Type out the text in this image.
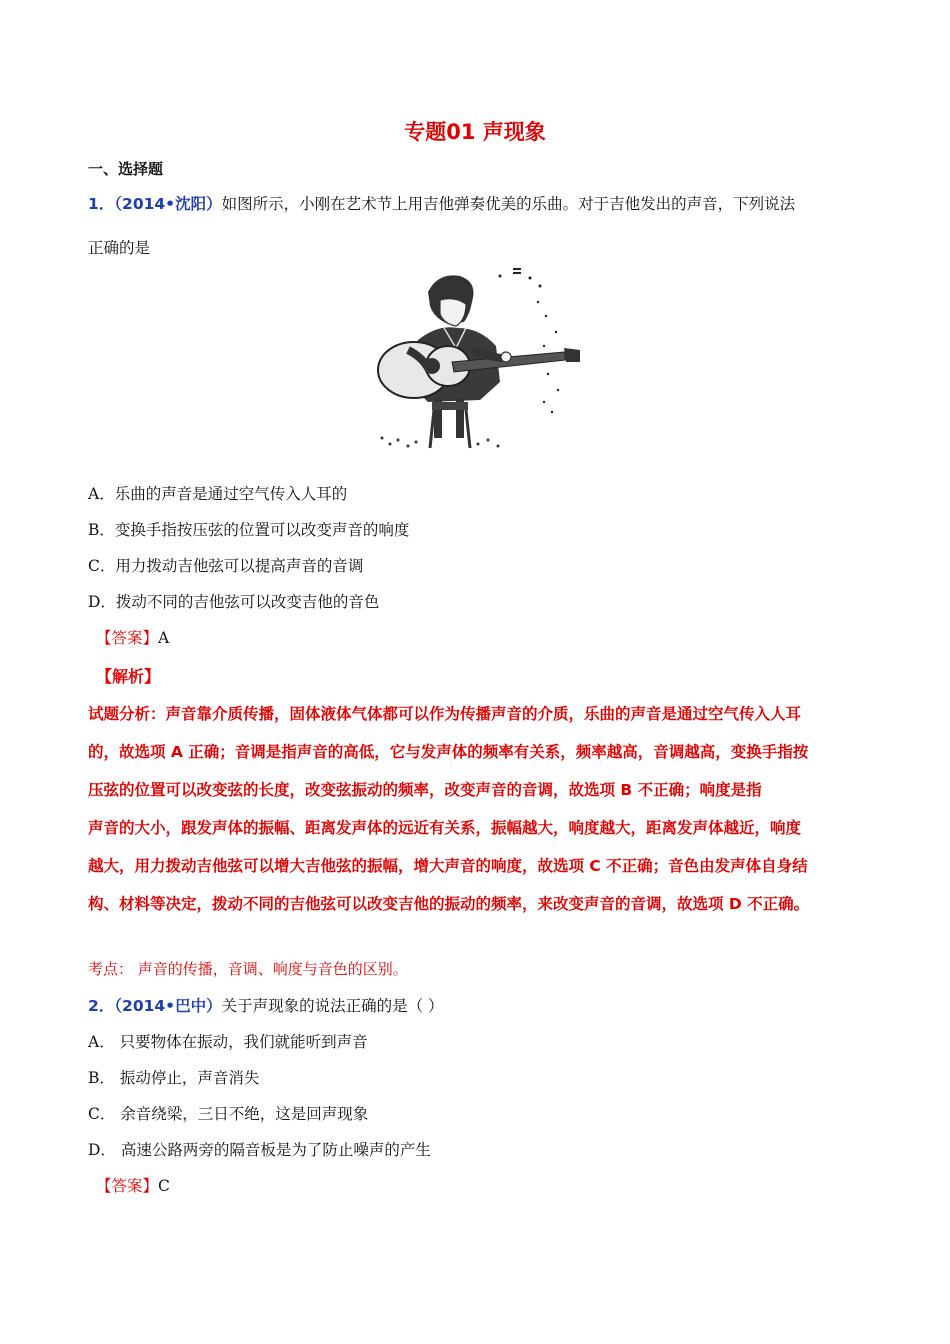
专题01 声现象
一、选择题
1．（2014•沈阳）如图所示，小刚在艺术节上用吉他弹奏优美的乐曲。对于吉他发出的声音，下列说法
正确的是
A．乐曲的声音是通过空气传入人耳的
B．变换手指按压弦的位置可以改变声音的响度
C．用力拨动吉他弦可以提高声音的音调
D．拨动不同的吉他弦可以改变吉他的音色
【答案】A
【解析】
试题分析：声音靠介质传播，固体液体气体都可以作为传播声音的介质，乐曲的声音是通过空气传入人耳
的，故选项 A 正确；音调是指声音的高低，它与发声体的频率有关系，频率越高，音调越高，变换手指按
压弦的位置可以改变弦的长度，改变弦振动的频率，改变声音的音调，故选项 B 不正确；响度是指
声音的大小，跟发声体的振幅、距离发声体的远近有关系，振幅越大，响度越大，距离发声体越近，响度
越大，用力拨动吉他弦可以增大吉他弦的振幅，增大声音的响度，故选项 C 不正确；音色由发声体自身结
构、材料等决定，拨动不同的吉他弦可以改变吉他的振动的频率，来改变声音的音调，故选项 D 不正确。
考点： 声音的传播，音调、响度与音色的区别。
2．（2014•巴中）关于声现象的说法正确的是（ ）
A． 只要物体在振动，我们就能听到声音
B． 振动停止，声音消失
C． 余音绕梁，三日不绝，这是回声现象
D． 高速公路两旁的隔音板是为了防止噪声的产生
【答案】C
